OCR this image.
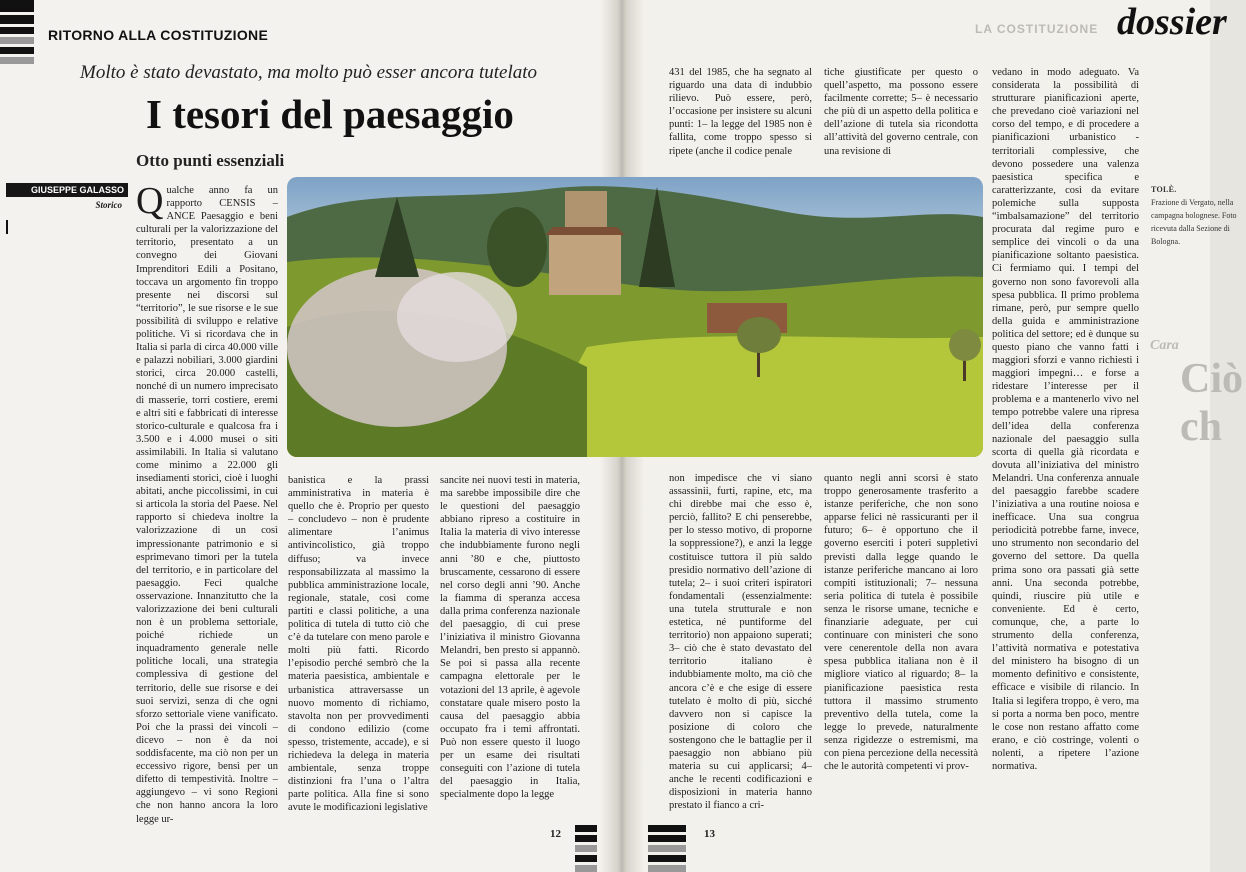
LA COSTITUZIONE
Ciò ch
Cara
RITORNO ALLA COSTITUZIONE	dossier
Molto è stato devastato, ma molto può esser ancora tutelato
I tesori del paesaggio
Otto punti essenziali
GIUSEPPE GALASSO
Storico Q ualche anno fa un rapporto CENSIS – ANCE Paesaggio e beni culturali per la valorizzazione del territorio, presentato a un convegno dei Giovani Imprenditori Edili a Positano, toccava un argomento fin troppo presente nei discorsi sul “territorio”, le sue risorse e le sue possibilità di sviluppo e relative politiche. Vi si ricordava che in Italia si parla di circa 40.000 ville e palazzi nobiliari, 3.000 giardini storici, circa 20.000 castelli, nonché di un numero imprecisato di masserie, torri costiere, eremi e altri siti e fabbricati di interesse storico-culturale e qualcosa fra i 3.500 e i 4.000 musei o siti assimilabili. In Italia si valutano come minimo a 22.000 gli insediamenti storici, cioè i luoghi abitati, anche piccolissimi, in cui si articola la storia del Paese. Nel rapporto si chiedeva inoltre la valorizzazione di un così impressionante patrimonio e si esprimevano timori per la tutela del territorio, e in particolare del paesaggio. Feci qualche osservazione. Innanzitutto che la valorizzazione dei beni culturali non è un problema settoriale, poiché richiede un inquadramento generale nelle politiche locali, una strategia complessiva di gestione del territorio, delle sue risorse e dei suoi servizi, senza di che ogni sforzo settoriale viene vanificato. Poi che la prassi dei vincoli – dicevo – non è da noi soddisfacente, ma ciò non per un eccessivo rigore, bensì per un difetto di tempestività. Inoltre – aggiungevo – vi sono Regioni che non hanno ancora la loro legge ur-
TOLÈ.
Frazione di Vergato, nella campagna bolognese. Foto ricevuta dalla Sezione di Bologna.
banistica e la prassi amministrativa in materia è quello che è. Proprio per questo – concludevo – non è prudente alimentare l’animus antivincolistico, già troppo diffuso; va invece responsabilizzata al massimo la pubblica amministrazione locale, regionale, statale, così come partiti e classi politiche, a una politica di tutela di tutto ciò che c’è da tutelare con meno parole e molti più fatti. Ricordo l’episodio perché sembrò che la materia paesistica, ambientale e urbanistica attraversasse un nuovo momento di richiamo, stavolta non per provvedimenti di condono edilizio (come spesso, tristemente, accade), e si richiedeva la delega in materia ambientale, senza troppe distinzioni fra l’una o l’altra parte politica. Alla fine si sono avute le modificazioni legislative
sancite nei nuovi testi in materia, ma sarebbe impossibile dire che le questioni del paesaggio abbiano ripreso a costituire in Italia la materia di vivo interesse che indubbiamente furono negli anni ’80 e che, piuttosto bruscamente, cessarono di essere nel corso degli anni ’90. Anche la fiamma di speranza accesa dalla prima conferenza nazionale del paesaggio, di cui prese l’iniziativa il ministro Giovanna Melandri, ben presto si appannò. Se poi si passa alla recente campagna elettorale per le votazioni del 13 aprile, è agevole constatare quale misero posto la causa del paesaggio abbia occupato fra i temi affrontati. Può non essere questo il luogo per un esame dei risultati conseguiti con l’azione di tutela del paesaggio in Italia, specialmente dopo la legge
431 del 1985, che ha segnato al riguardo una data di indubbio rilievo. Può essere, però, l’occasione per insistere su alcuni punti: 1– la legge del 1985 non è fallita, come troppo spesso si ripete (anche il codice penale
tiche giustificate per questo o quell’aspetto, ma possono essere facilmente corrette; 5– è necessario che più di un aspetto della politica e dell’azione di tutela sia ricondotta all’attività del governo centrale, con una revisione di
non impedisce che vi siano assassinii, furti, rapine, etc, ma chi direbbe mai che esso è, perciò, fallito? E chi penserebbe, per lo stesso motivo, di proporne la soppressione?), e anzi la legge costituisce tuttora il più saldo presidio normativo dell’azione di tutela; 2– i suoi criteri ispiratori fondamentali (essenzialmente: una tutela strutturale e non estetica, né puntiforme del territorio) non appaiono superati; 3– ciò che è stato devastato del territorio italiano è indubbiamente molto, ma ciò che ancora c’è e che esige di essere tutelato è molto di più, sicché davvero non si capisce la posizione di coloro che sostengono che le battaglie per il paesaggio non abbiano più materia su cui applicarsi; 4– anche le recenti codificazioni e disposizioni in materia hanno prestato il fianco a cri-
quanto negli anni scorsi è stato troppo generosamente trasferito a istanze periferiche, che non sono apparse felici nè rassicuranti per il futuro; 6– è opportuno che il governo eserciti i poteri suppletivi previsti dalla legge quando le istanze periferiche mancano ai loro compiti istituzionali; 7– nessuna seria politica di tutela è possibile senza le risorse umane, tecniche e finanziarie adeguate, per cui continuare con ministeri che sono vere cenerentole della non avara spesa pubblica italiana non è il migliore viatico al riguardo; 8– la pianificazione paesistica resta tuttora il massimo strumento preventivo della tutela, come la legge lo prevede, naturalmente senza rigidezze o estremismi, ma con piena percezione della necessità che le autorità competenti vi prov-
vedano in modo adeguato. Va considerata la possibilità di strutturare pianificazioni aperte, che prevedano cioè variazioni nel corso del tempo, e di procedere a pianificazioni urbanistico - territoriali complessive, che devono possedere una valenza paesistica specifica e caratterizzante, così da evitare polemiche sulla supposta “imbalsamazione” del territorio procurata dal regime puro e semplice dei vincoli o da una pianificazione soltanto paesistica. Ci fermiamo qui. I tempi del governo non sono favorevoli alla spesa pubblica. Il primo problema rimane, però, pur sempre quello della guida e amministrazione politica del settore; ed è dunque su questo piano che vanno fatti i maggiori sforzi e vanno richiesti i maggiori impegni… e forse a ridestare l’interesse per il problema e a mantenerlo vivo nel tempo potrebbe valere una ripresa dell’idea della conferenza nazionale del paesaggio sulla scorta di quella già ricordata e dovuta all’iniziativa del ministro Melandri. Una conferenza annuale del paesaggio farebbe scadere l’iniziativa a una routine noiosa e inefficace. Una sua congrua periodicità potrebbe farne, invece, uno strumento non secondario del governo del settore. Da quella prima sono ora passati già sette anni. Una seconda potrebbe, quindi, riuscire più utile e conveniente. Ed è certo, comunque, che, a parte lo strumento della conferenza, l’attività normativa e potestativa del ministero ha bisogno di un momento definitivo e consistente, efficace e visibile di rilancio. In Italia si legifera troppo, è vero, ma si porta a norma ben poco, mentre le cose non restano affatto come erano, e ciò costringe, volenti o nolenti, a ripetere l’azione normativa.
12	13
